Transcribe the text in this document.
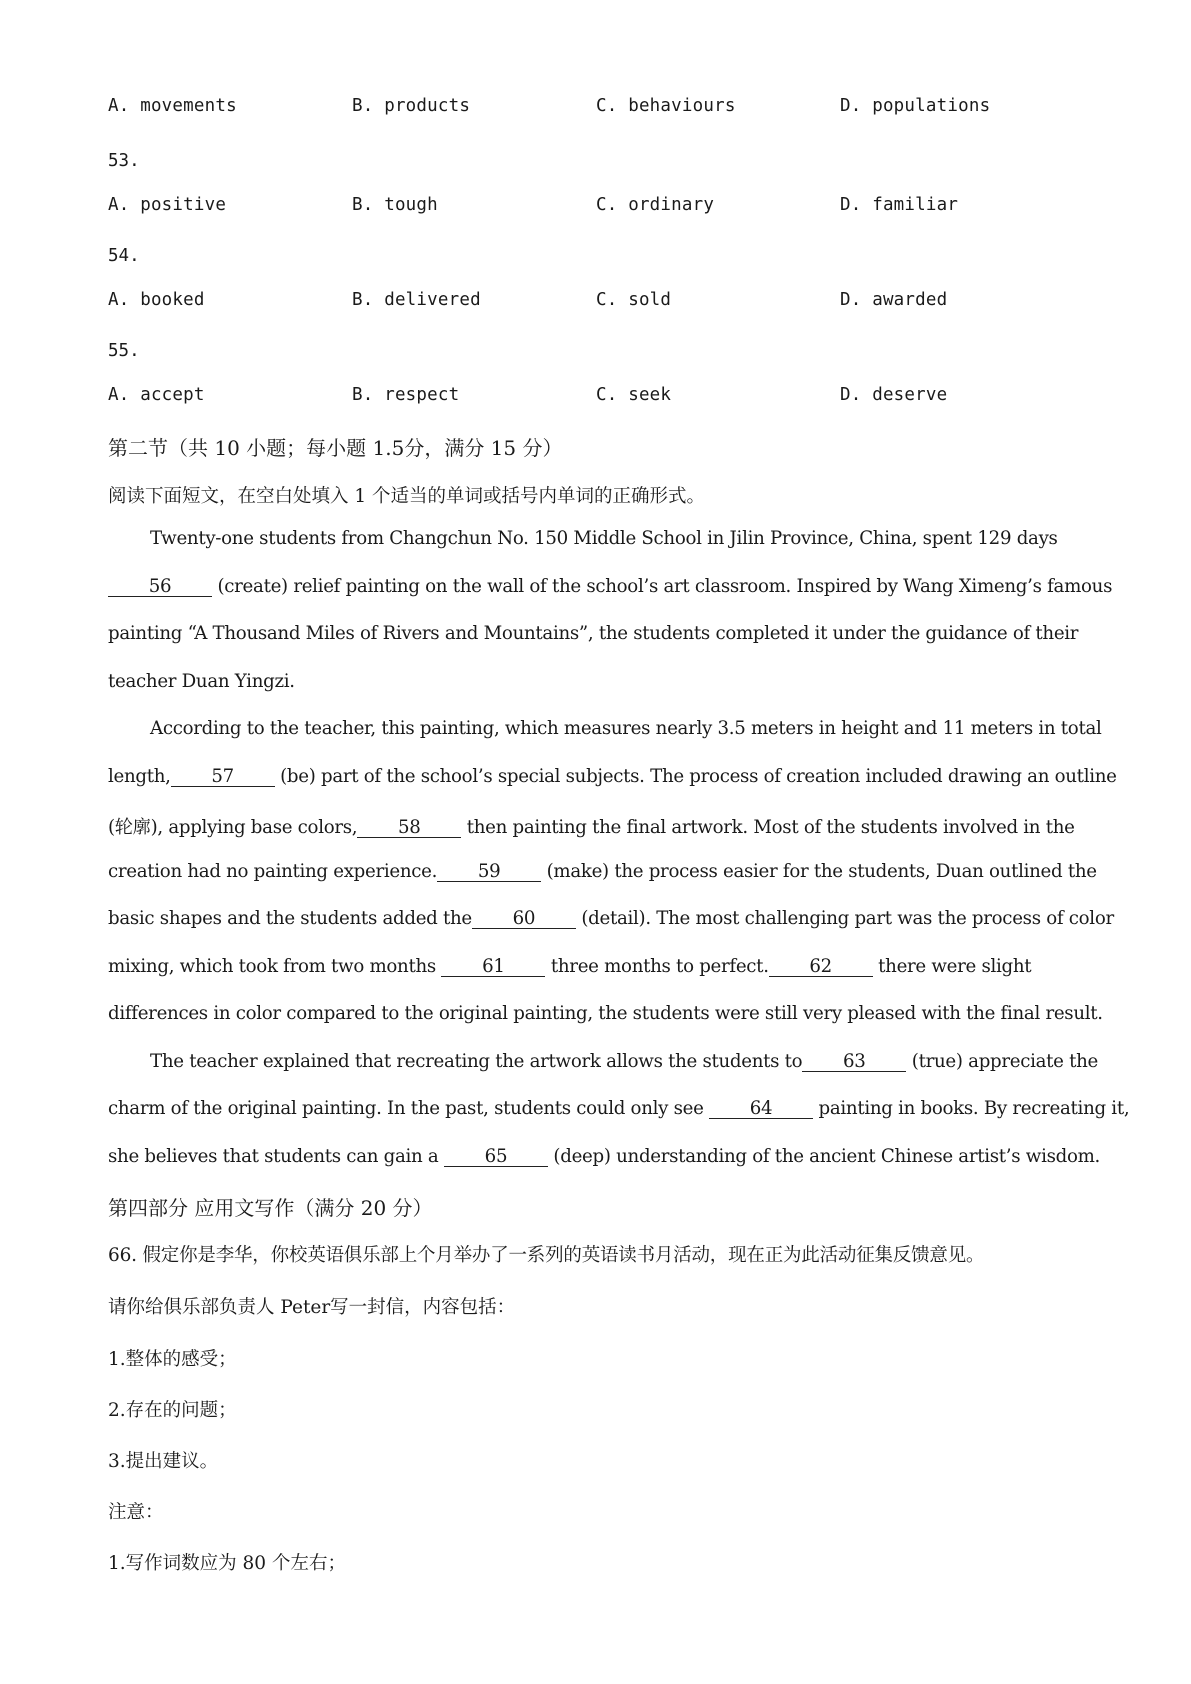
A. movements	B. products	C. behaviours	D. populations
53.
A. positive	B. tough	C. ordinary	D. familiar
54.
A. booked	B. delivered	C. sold	D. awarded
55.
A. accept	B. respect	C. seek	D. deserve
第二节（共 10 小题；每小题 1.5分，满分 15 分）
阅读下面短文，在空白处填入 1 个适当的单词或括号内单词的正确形式。
Twenty-one students from Changchun No. 150 Middle School in Jilin Province, China, spent 129 days
56 (create) relief painting on the wall of the school’s art classroom. Inspired by Wang Ximeng’s famous
painting “A Thousand Miles of Rivers and Mountains”, the students completed it under the guidance of their
teacher Duan Yingzi.
According to the teacher, this painting, which measures nearly 3.5 meters in height and 11 meters in total
length, 57 (be) part of the school’s special subjects. The process of creation included drawing an outline
(轮廓), applying base colors, 58 then painting the final artwork. Most of the students involved in the
creation had no painting experience. 59 (make) the process easier for the students, Duan outlined the
basic shapes and the students added the 60 (detail). The most challenging part was the process of color
mixing, which took from two months	61 three months to perfect. 62 there were slight
differences in color compared to the original painting, the students were still very pleased with the final result.
The teacher explained that recreating the artwork allows the students to 63 (true) appreciate the
charm of the original painting. In the past, students could only see	64 painting in books. By recreating it,
she believes that students can gain a	65 (deep) understanding of the ancient Chinese artist’s wisdom.
第四部分 应用文写作（满分 20 分）
66. 假定你是李华，你校英语俱乐部上个月举办了一系列的英语读书月活动，现在正为此活动征集反馈意见。
请你给俱乐部负责人 Peter写一封信，内容包括：
1.整体的感受；
2.存在的问题；
3.提出建议。
注意：
1.写作词数应为 80 个左右；
